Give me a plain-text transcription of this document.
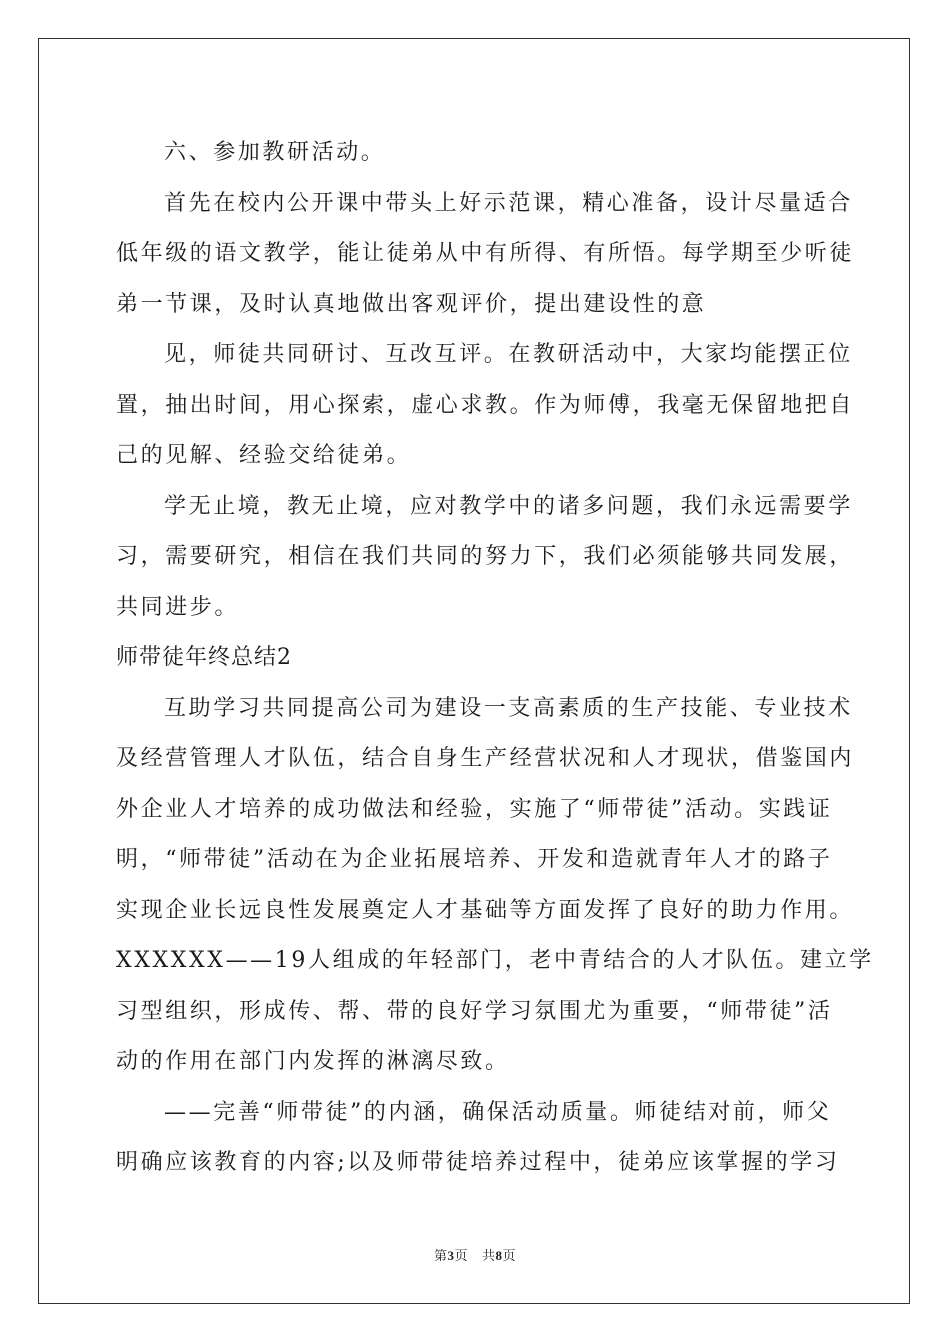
六、参加教研活动。

首先在校内公开课中带头上好示范课，精心准备，设计尽量适合

低年级的语文教学，能让徒弟从中有所得、有所悟。每学期至少听徒

弟一节课，及时认真地做出客观评价，提出建设性的意

见，师徒共同研讨、互改互评。在教研活动中，大家均能摆正位

置，抽出时间，用心探索，虚心求教。作为师傅，我毫无保留地把自

己的见解、经验交给徒弟。

学无止境，教无止境，应对教学中的诸多问题，我们永远需要学

习，需要研究，相信在我们共同的努力下，我们必须能够共同发展，

共同进步。

师带徒年终总结2

互助学习共同提高公司为建设一支高素质的生产技能、专业技术

及经营管理人才队伍，结合自身生产经营状况和人才现状，借鉴国内

外企业人才培养的成功做法和经验，实施了“师带徒”活动。实践证

明，“师带徒”活动在为企业拓展培养、开发和造就青年人才的路子

实现企业长远良性发展奠定人才基础等方面发挥了良好的助力作用。

XXXXXX——19人组成的年轻部门，老中青结合的人才队伍。建立学

习型组织，形成传、帮、带的良好学习氛围尤为重要，“师带徒”活

动的作用在部门内发挥的淋漓尽致。

——完善“师带徒”的内涵，确保活动质量。师徒结对前，师父

明确应该教育的内容;以及师带徒培养过程中，徒弟应该掌握的学习

第3页 共8页
